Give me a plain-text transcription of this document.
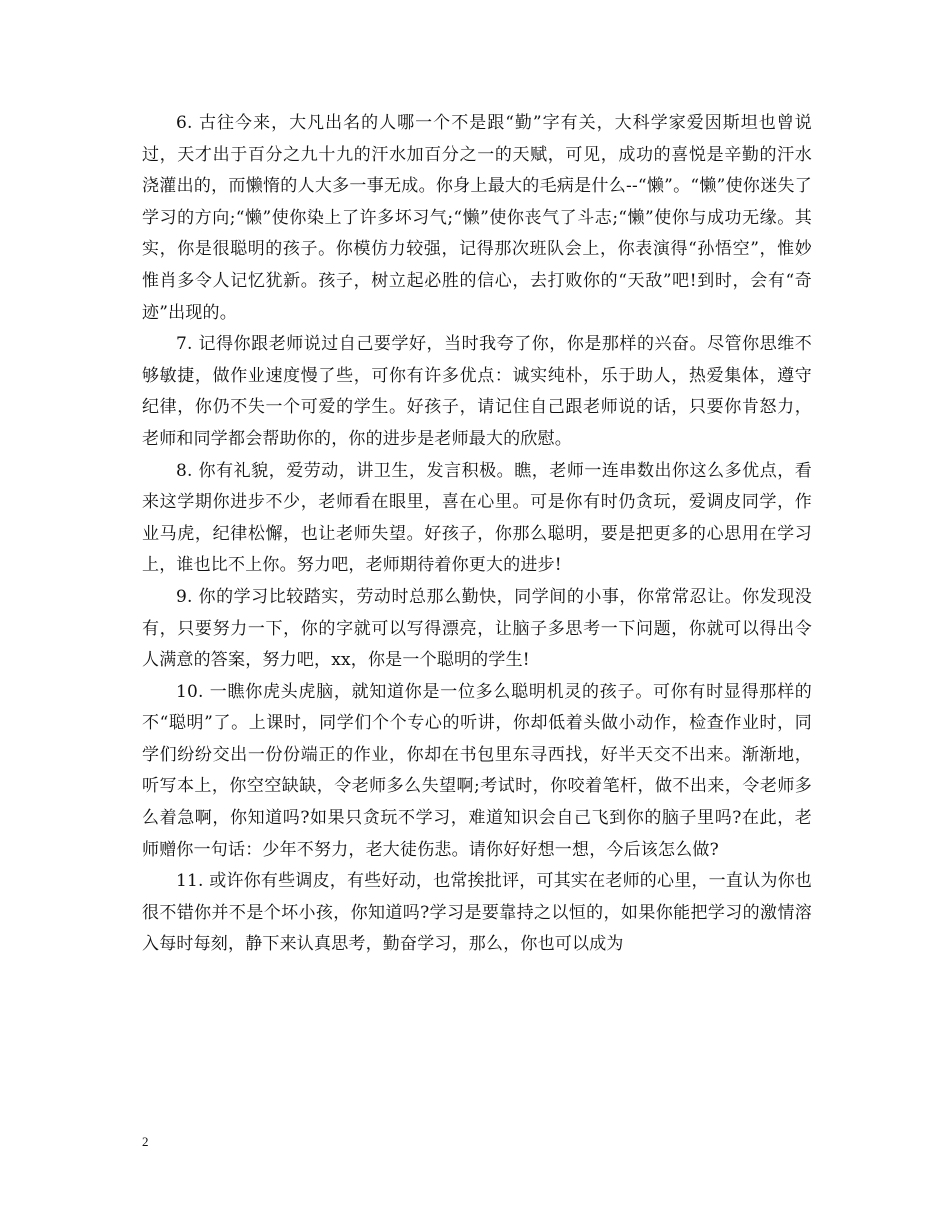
6. 古往今来，大凡出名的人哪一个不是跟“勤”字有关，大科学家爱因斯坦也曾说过，天才出于百分之九十九的汗水加百分之一的天赋，可见，成功的喜悦是辛勤的汗水浇灌出的，而懒惰的人大多一事无成。你身上最大的毛病是什么--“懒”。“懒”使你迷失了学习的方向;“懒”使你染上了许多坏习气;“懒”使你丧气了斗志;“懒”使你与成功无缘。其实，你是很聪明的孩子。你模仿力较强，记得那次班队会上，你表演得“孙悟空”，惟妙惟肖多令人记忆犹新。孩子，树立起必胜的信心，去打败你的“天敌”吧!到时，会有“奇迹”出现的。

7. 记得你跟老师说过自己要学好，当时我夸了你，你是那样的兴奋。尽管你思维不够敏捷，做作业速度慢了些，可你有许多优点：诚实纯朴，乐于助人，热爱集体，遵守纪律，你仍不失一个可爱的学生。好孩子，请记住自己跟老师说的话，只要你肯怒力，老师和同学都会帮助你的，你的进步是老师最大的欣慰。

8. 你有礼貌，爱劳动，讲卫生，发言积极。瞧，老师一连串数出你这么多优点，看来这学期你进步不少，老师看在眼里，喜在心里。可是你有时仍贪玩，爱调皮同学，作业马虎，纪律松懈，也让老师失望。好孩子，你那么聪明，要是把更多的心思用在学习上，谁也比不上你。努力吧，老师期待着你更大的进步!

9. 你的学习比较踏实，劳动时总那么勤快，同学间的小事，你常常忍让。你发现没有，只要努力一下，你的字就可以写得漂亮，让脑子多思考一下问题，你就可以得出令人满意的答案，努力吧，xx，你是一个聪明的学生!

10. 一瞧你虎头虎脑，就知道你是一位多么聪明机灵的孩子。可你有时显得那样的不“聪明”了。上课时，同学们个个专心的听讲，你却低着头做小动作，检查作业时，同学们纷纷交出一份份端正的作业，你却在书包里东寻西找，好半天交不出来。渐渐地，听写本上，你空空缺缺，令老师多么失望啊;考试时，你咬着笔杆，做不出来，令老师多么着急啊，你知道吗?如果只贪玩不学习，难道知识会自己飞到你的脑子里吗?在此，老师赠你一句话：少年不努力，老大徒伤悲。请你好好想一想，今后该怎么做?

11. 或许你有些调皮，有些好动，也常挨批评，可其实在老师的心里，一直认为你也很不错你并不是个坏小孩，你知道吗?学习是要靠持之以恒的，如果你能把学习的激情溶入每时每刻，静下来认真思考，勤奋学习，那么，你也可以成为

2
